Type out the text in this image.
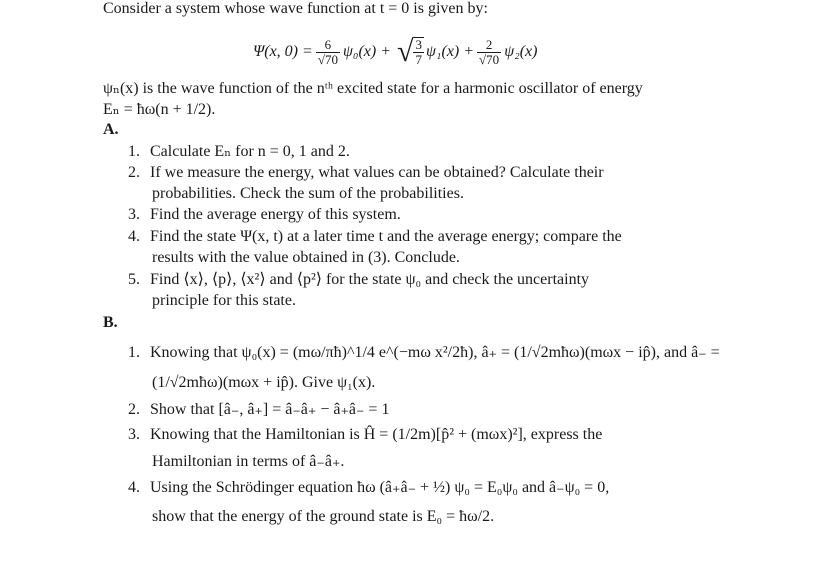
Consider a system whose wave function at t = 0 is given by:
Ψ(x, $0) = \frac{6}{√70} \psi_0(x)$ + √ $\frac{3}{7} \psi_1(x) + \frac{2}{√70} \psi_2(x)$
ψₙ(x) is the wave function of the nᵗʰ excited state for a harmonic oscillator of energy
Eₙ = ħω(n + 1/2).
A.
1. Calculate Eₙ for n = 0, 1 and 2.
2. If we measure the energy, what values can be obtained? Calculate their
probabilities. Check the sum of the probabilities.
3. Find the average energy of this system.
4. Find the state Ψ(x, t) at a later time t and the average energy; compare the
results with the value obtained in (3). Conclude.
5. Find ⟨x⟩, ⟨p⟩, ⟨x²⟩ and ⟨p²⟩ for the state ψ₀ and check the uncertainty
principle for this state.
B.
1. Knowing that ψ₀(x) = (mω/πħ)^1/4 e^(−mω x²/2ħ), â₊ = (1/√2mħω)(mωx − ip̂), and â₋ =
(1/√2mħω)(mωx + ip̂). Give ψ₁(x).
2. Show that [â₋, â₊] = â₋â₊ − â₊â₋ = 1
3. Knowing that the Hamiltonian is Ĥ = (1/2m)[p̂² + (mωx)²], express the
Hamiltonian in terms of â₋â₊.
4. Using the Schrödinger equation ħω (â₊â₋ + ½) ψ₀ = E₀ψ₀ and â₋ψ₀ = 0,
show that the energy of the ground state is E₀ = ħω/2.
